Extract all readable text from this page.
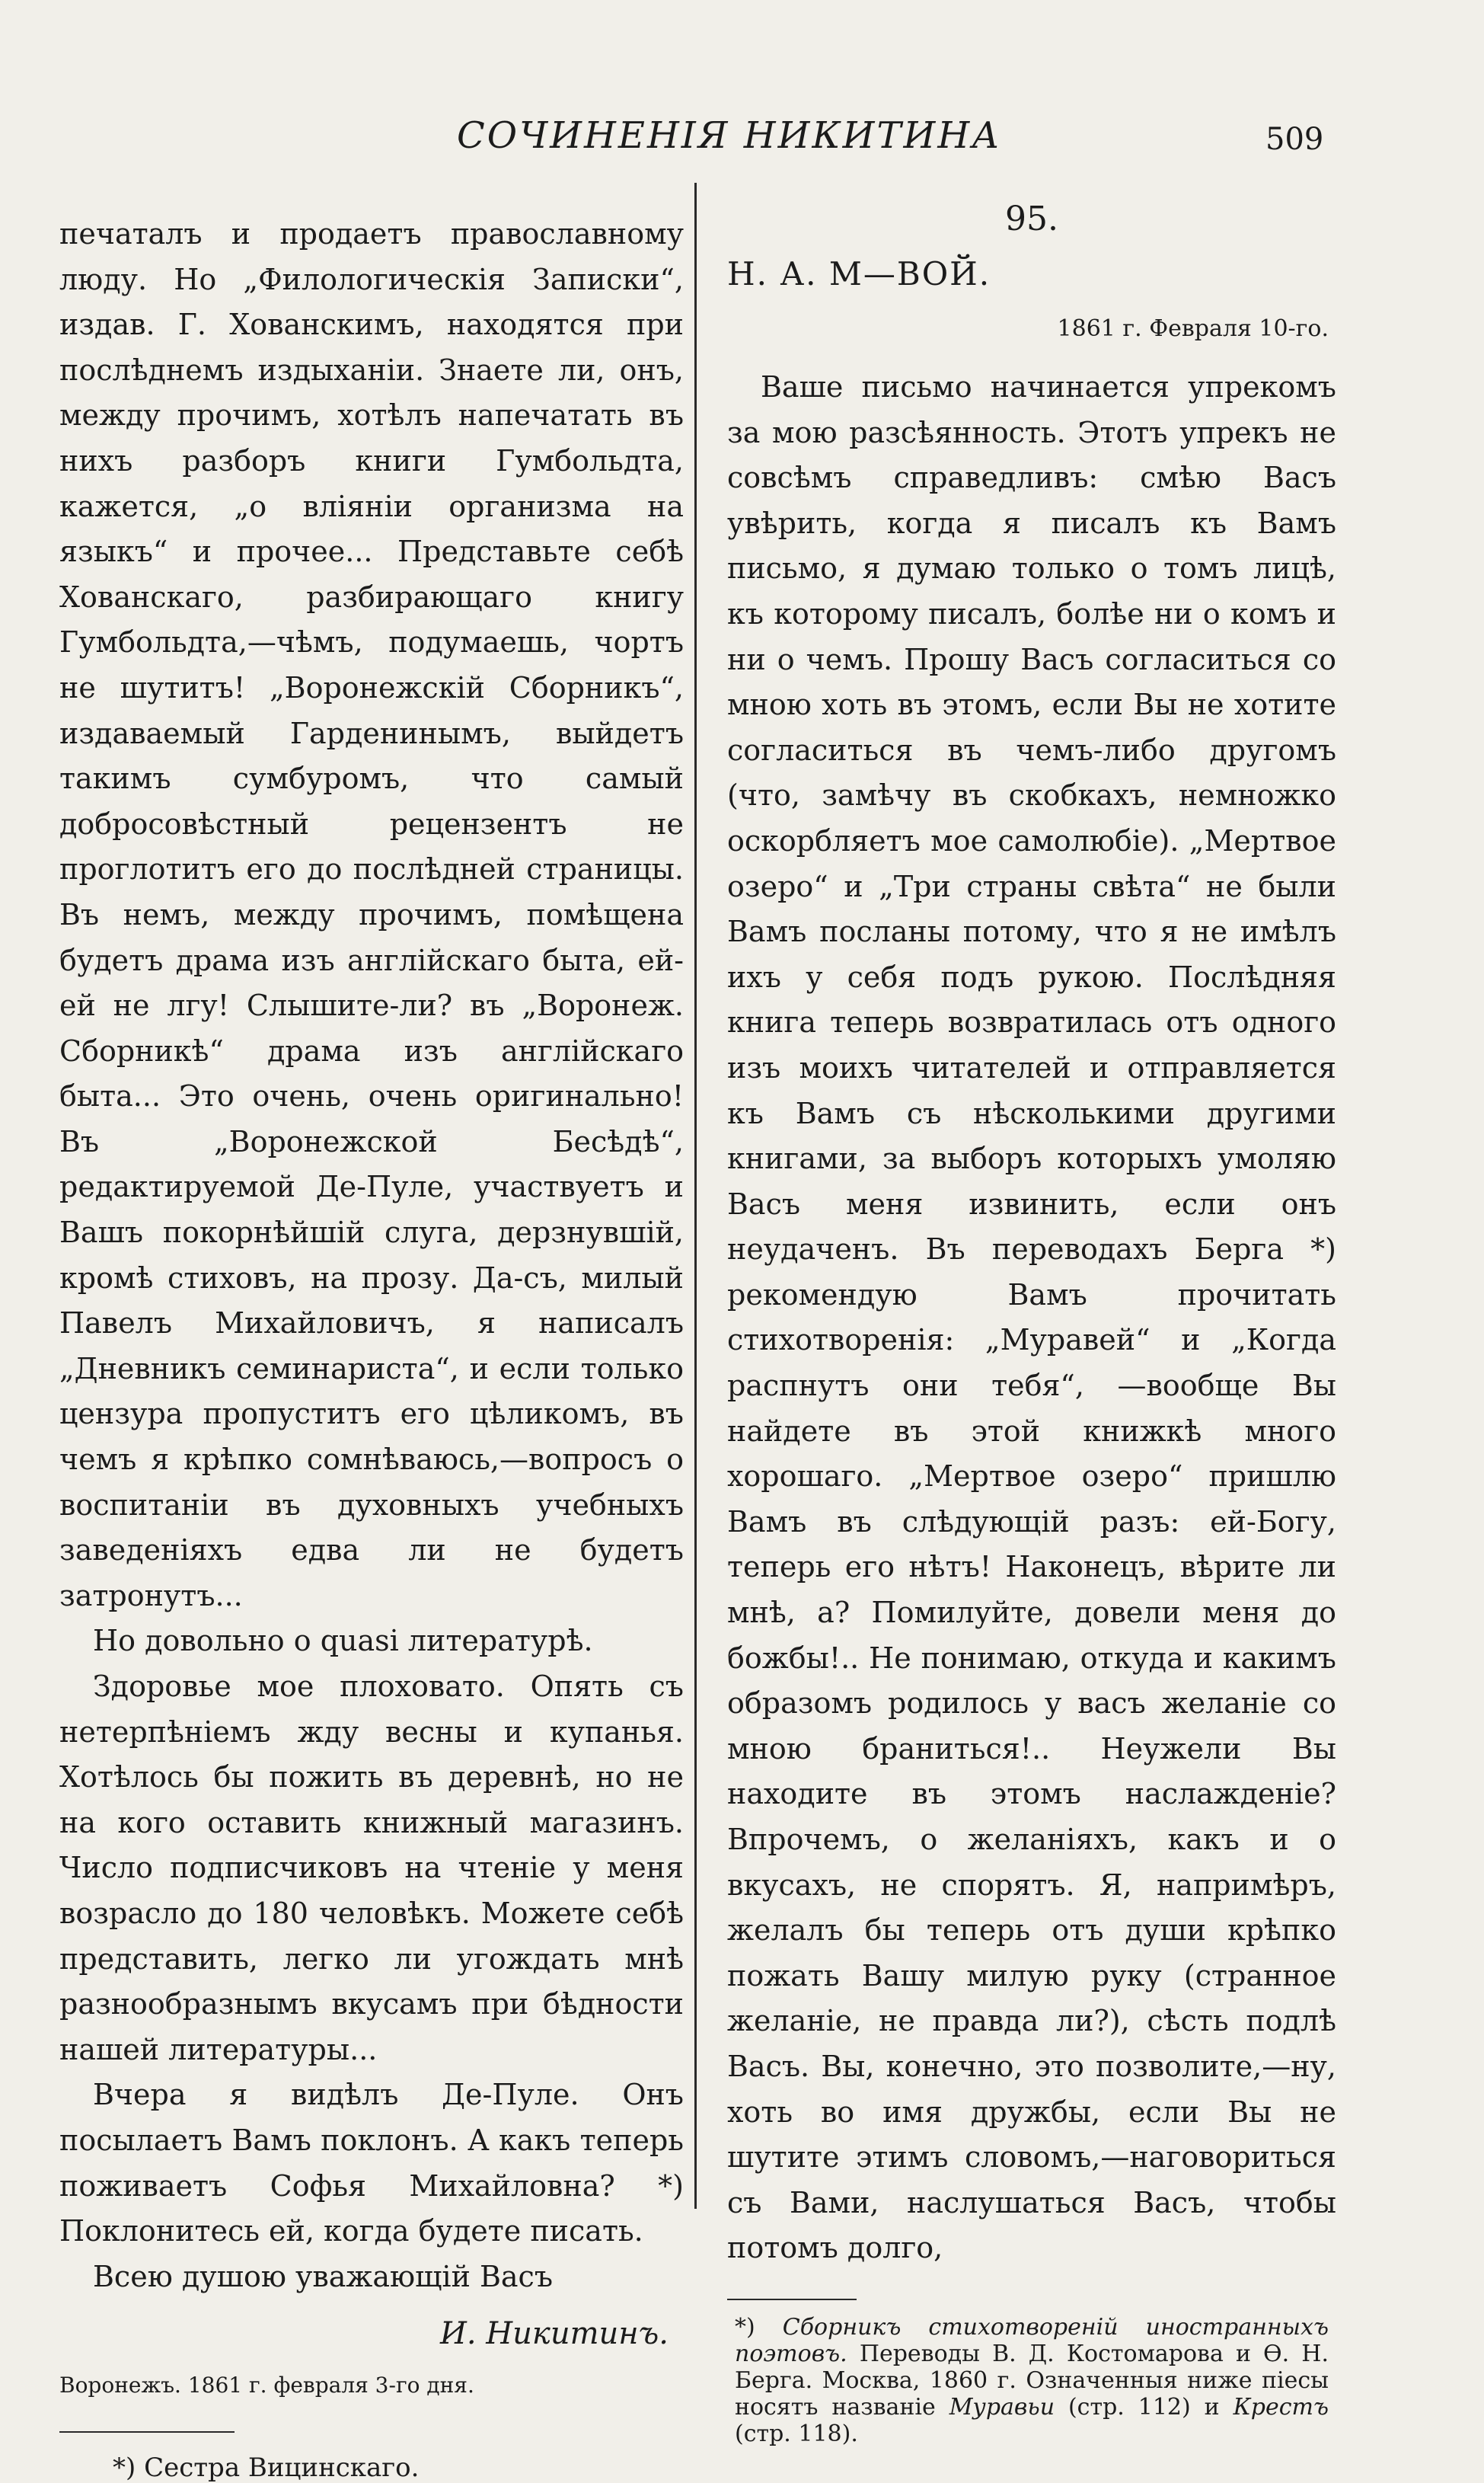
СОЧИНЕНІЯ НИКИТИНА	509

печаталъ и продаетъ православному люду. Но „Филологическія Записки“, издав. Г. Хованскимъ, находятся при послѣднемъ издыханіи. Знаете ли, онъ, между прочимъ, хотѣлъ напечатать въ нихъ разборъ книги Гумбольдта, кажется, „о вліяніи организма на языкъ“ и прочее... Представьте себѣ Хованскаго, разбирающаго книгу Гумбольдта,—чѣмъ, подумаешь, чортъ не шутитъ! „Воронежскій Сборникъ“, издаваемый Гарденинымъ, выйдетъ такимъ сумбуромъ, что самый добросовѣстный рецензентъ не проглотитъ его до послѣдней страницы. Въ немъ, между прочимъ, помѣщена будетъ драма изъ англійскаго быта, ей-ей не лгу! Слышите-ли? въ „Воронеж. Сборникѣ“ драма изъ англійскаго быта... Это очень, очень оригинально! Въ „Воронежской Бесѣдѣ“, редактируемой Де-Пуле, участвуетъ и Вашъ покорнѣйшій слуга, дерзнувшій, кромѣ стиховъ, на прозу. Да-съ, милый Павелъ Михайловичъ, я написалъ „Дневникъ семинариста“, и если только цензура пропуститъ его цѣликомъ, въ чемъ я крѣпко сомнѣваюсь,—вопросъ о воспитаніи въ духовныхъ учебныхъ заведеніяхъ едва ли не будетъ затронутъ...

Но довольно о quasi литературѣ.

Здоровье мое плоховато. Опять съ нетерпѣніемъ жду весны и купанья. Хотѣлось бы пожить въ деревнѣ, но не на кого оставить книжный магазинъ. Число подписчиковъ на чтеніе у меня возрасло до 180 человѣкъ. Можете себѣ представить, легко ли угождать мнѣ разнообразнымъ вкусамъ при бѣдности нашей литературы...

Вчера я видѣлъ Де-Пуле. Онъ посылаетъ Вамъ поклонъ. А какъ теперь поживаетъ Софья Михайловна? *) Поклонитесь ей, когда будете писать.

Всею душою уважающій Васъ

И. Никитинъ.

Воронежъ. 1861 г. февраля 3-го дня.

*) Сестра Вицинскаго.

95.

Н. А. М—ВОЙ.

1861 г. Февраля 10-го.

Ваше письмо начинается упрекомъ за мою разсѣянность. Этотъ упрекъ не совсѣмъ справедливъ: смѣю Васъ увѣрить, когда я писалъ къ Вамъ письмо, я думаю только о томъ лицѣ, къ которому писалъ, болѣе ни о комъ и ни о чемъ. Прошу Васъ согласиться со мною хоть въ этомъ, если Вы не хотите согласиться въ чемъ-либо другомъ (что, замѣчу въ скобкахъ, немножко оскорбляетъ мое самолюбіе). „Мертвое озеро“ и „Три страны свѣта“ не были Вамъ посланы потому, что я не имѣлъ ихъ у себя подъ рукою. Послѣдняя книга теперь возвратилась отъ одного изъ моихъ читателей и отправляется къ Вамъ съ нѣсколькими другими книгами, за выборъ которыхъ умоляю Васъ меня извинить, если онъ неудаченъ. Въ переводахъ Берга *) рекомендую Вамъ прочитать стихотворенія: „Муравей“ и „Когда распнутъ они тебя“, —вообще Вы найдете въ этой книжкѣ много хорошаго. „Мертвое озеро“ пришлю Вамъ въ слѣдующій разъ: ей-Богу, теперь его нѣтъ! Наконецъ, вѣрите ли мнѣ, а? Помилуйте, довели меня до божбы!.. Не понимаю, откуда и какимъ образомъ родилось у васъ желаніе со мною браниться!.. Неужели Вы находите въ этомъ наслажденіе? Впрочемъ, о желаніяхъ, какъ и о вкусахъ, не спорятъ. Я, напримѣръ, желалъ бы теперь отъ души крѣпко пожать Вашу милую руку (странное желаніе, не правда ли?), сѣсть подлѣ Васъ. Вы, конечно, это позволите,—ну, хоть во имя дружбы, если Вы не шутите этимъ словомъ,—наговориться съ Вами, наслушаться Васъ, чтобы потомъ долго,

*) Сборникъ стихотвореній иностранныхъ поэтовъ. Переводы В. Д. Костомарова и Ѳ. Н. Берга. Москва, 1860 г. Означенныя ниже піесы носятъ названіе Муравьи (стр. 112) и Крестъ (стр. 118).
